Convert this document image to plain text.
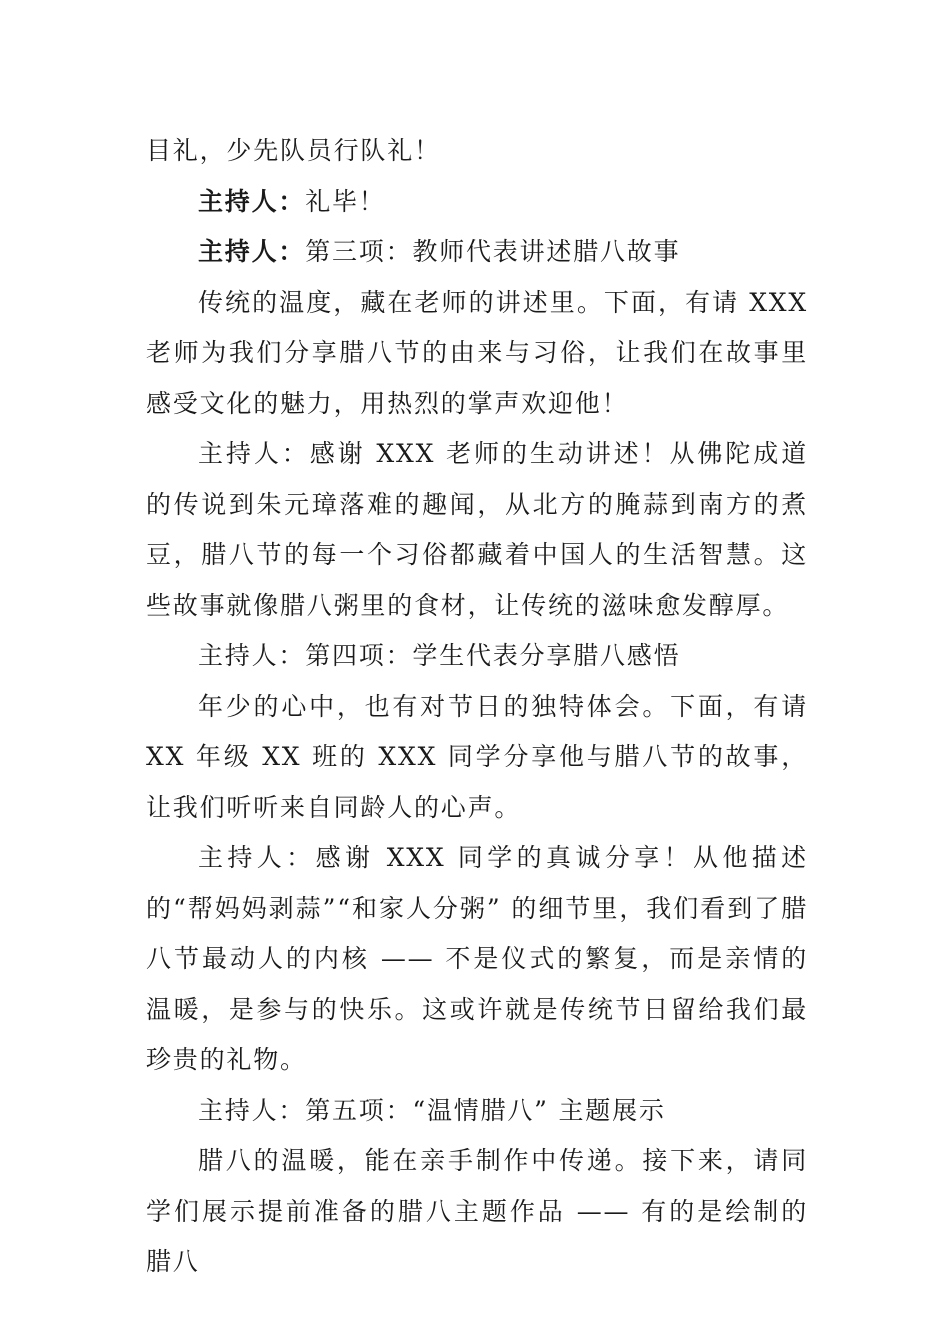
目礼，少先队员行队礼！

主持人：礼毕！

主持人：第三项：教师代表讲述腊八故事

传统的温度，藏在老师的讲述里。下面，有请 XXX 老师为我们分享腊八节的由来与习俗，让我们在故事里感受文化的魅力，用热烈的掌声欢迎他！

主持人：感谢 XXX 老师的生动讲述！从佛陀成道的传说到朱元璋落难的趣闻，从北方的腌蒜到南方的煮豆，腊八节的每一个习俗都藏着中国人的生活智慧。这些故事就像腊八粥里的食材，让传统的滋味愈发醇厚。

主持人：第四项：学生代表分享腊八感悟

年少的心中，也有对节日的独特体会。下面，有请 XX 年级 XX 班的 XXX 同学分享他与腊八节的故事，让我们听听来自同龄人的心声。

主持人：感谢 XXX 同学的真诚分享！从他描述的“帮妈妈剥蒜”“和家人分粥” 的细节里，我们看到了腊八节最动人的内核 —— 不是仪式的繁复，而是亲情的温暖，是参与的快乐。这或许就是传统节日留给我们最珍贵的礼物。

主持人：第五项：“温情腊八” 主题展示

腊八的温暖，能在亲手制作中传递。接下来，请同学们展示提前准备的腊八主题作品 —— 有的是绘制的腊八
